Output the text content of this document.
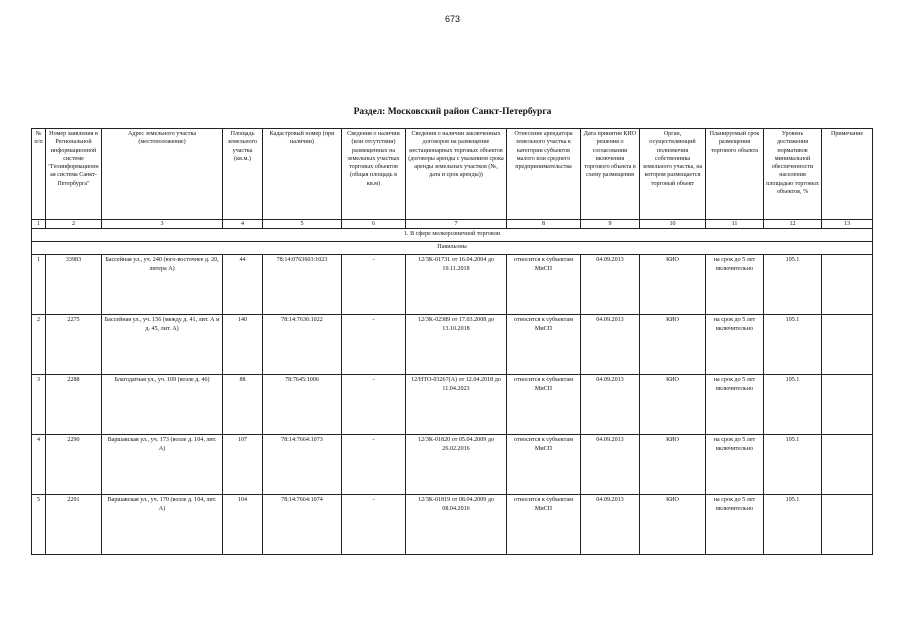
673
Раздел: Московский район Санкт-Петербурга
№ п/п	Номер заявления в Региональной информационной системе "Геоинформационная система Санкт-Петербурга"	Адрес земельного участка (местоположение)	Площадь земельного участка (кв.м.)	Кадастровый номер (при наличии)	Сведения о наличии (или отсутствии) размещенных на земельных участках торговых объектов (общая площадь в кв.м)	Сведения о наличии заключенных договоров на размещение нестационарных торговых объектов (договоры аренды с указанием срока аренды земельных участков (№, дата и срок аренды))	Отнесение арендатора земельного участка к категории субъектов малого или среднего предпринимательства	Дата принятия КИО решения о согласовании включения торгового объекта в схему размещения	Орган, осуществляющий полномочия собственника земельного участка, на котором размещается торговый объект	Планируемый срок размещения торгового объекта	Уровень достижения нормативов минимальной обеспеченности населения площадью торговых объектов, %	Примечание
1	2	3	4	5	6	7	8	9	10	11	12	13
1. В сфере мелкорозничной торговли												
Павильоны												
1	33983	Бассейная ул., уч. 240 (юго-восточнее д. 20, литера А)	44	78:14:0763603:1023	-	12/ЗК-01731 от 16.04.2004 до 19.11.2018	относится к субъектам МиСП	04.09.2013	КИО	на срок до 5 лет включительно	195.1	
2	2275	Бассейная ул., уч. 156 (между д. 41, лит. А и д. 45, лит. А)	140	78:14:7636:1022	-	12/ЗК-02389 от 17.03.2008 до 13.10.2018	относится к субъектам МиСП	04.09.2013	КИО	на срок до 5 лет включительно	195.1	
3	2288	Благодатная ул., уч. 109 (возле д. 46)	88	78:7645:1006	-	12/НТО-03267(А) от 12.04.2018 до 11.04.2023	относится к субъектам МиСП	04.09.2013	КИО	на срок до 5 лет включительно	195.1	
4	2290	Варшавская ул., уч. 173 (возле д. 104, лит. А)	107	78:14:7664:1073	-	12/ЗК-01820 от 05.04.2009 до 26.02.2016	относится к субъектам МиСП	04.09.2013	КИО	на срок до 5 лет включительно	195.1	
5	2291	Варшавская ул., уч. 170 (возле д. 104, лит. А)	104	78:14:7664:1074	-	12/ЗК-01819 от 08.04.2009 до 08.04.2016	относится к субъектам МиСП	04.09.2013	КИО	на срок до 5 лет включительно	195.1	
